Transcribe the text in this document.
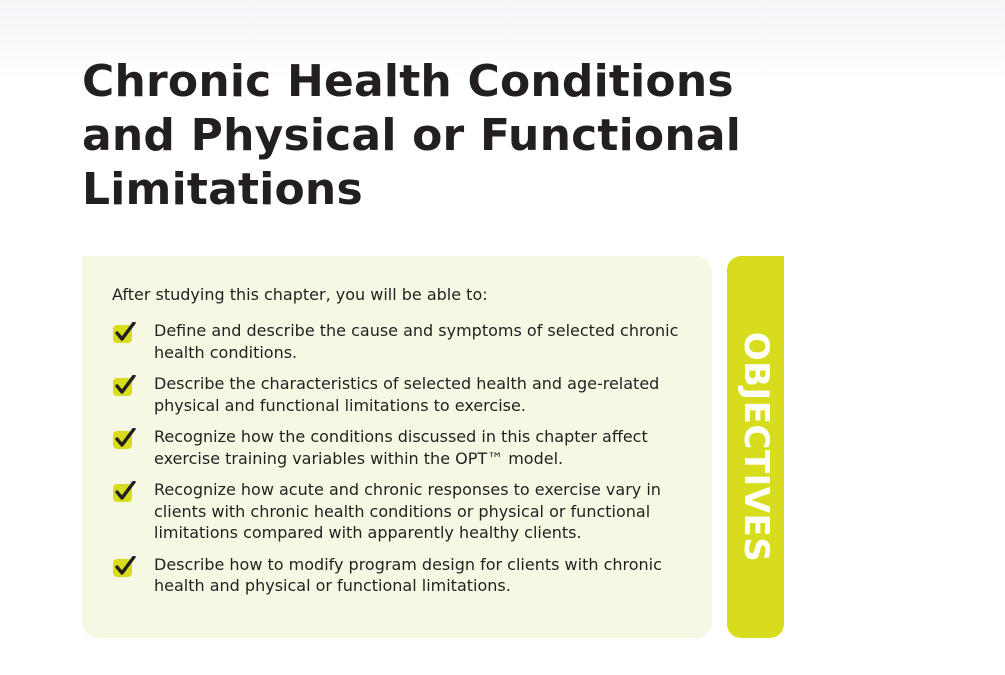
Chronic Health Conditions and Physical or Functional Limitations

After studying this chapter, you will be able to:

Define and describe the cause and symptoms of selected chronic health conditions.
Describe the characteristics of selected health and age-related physical and functional limitations to exercise.
Recognize how the conditions discussed in this chapter affect exercise training variables within the OPT™ model.
Recognize how acute and chronic responses to exercise vary in clients with chronic health conditions or physical or functional limitations compared with apparently healthy clients.
Describe how to modify program design for clients with chronic health and physical or functional limitations.
OBJECTIVES
